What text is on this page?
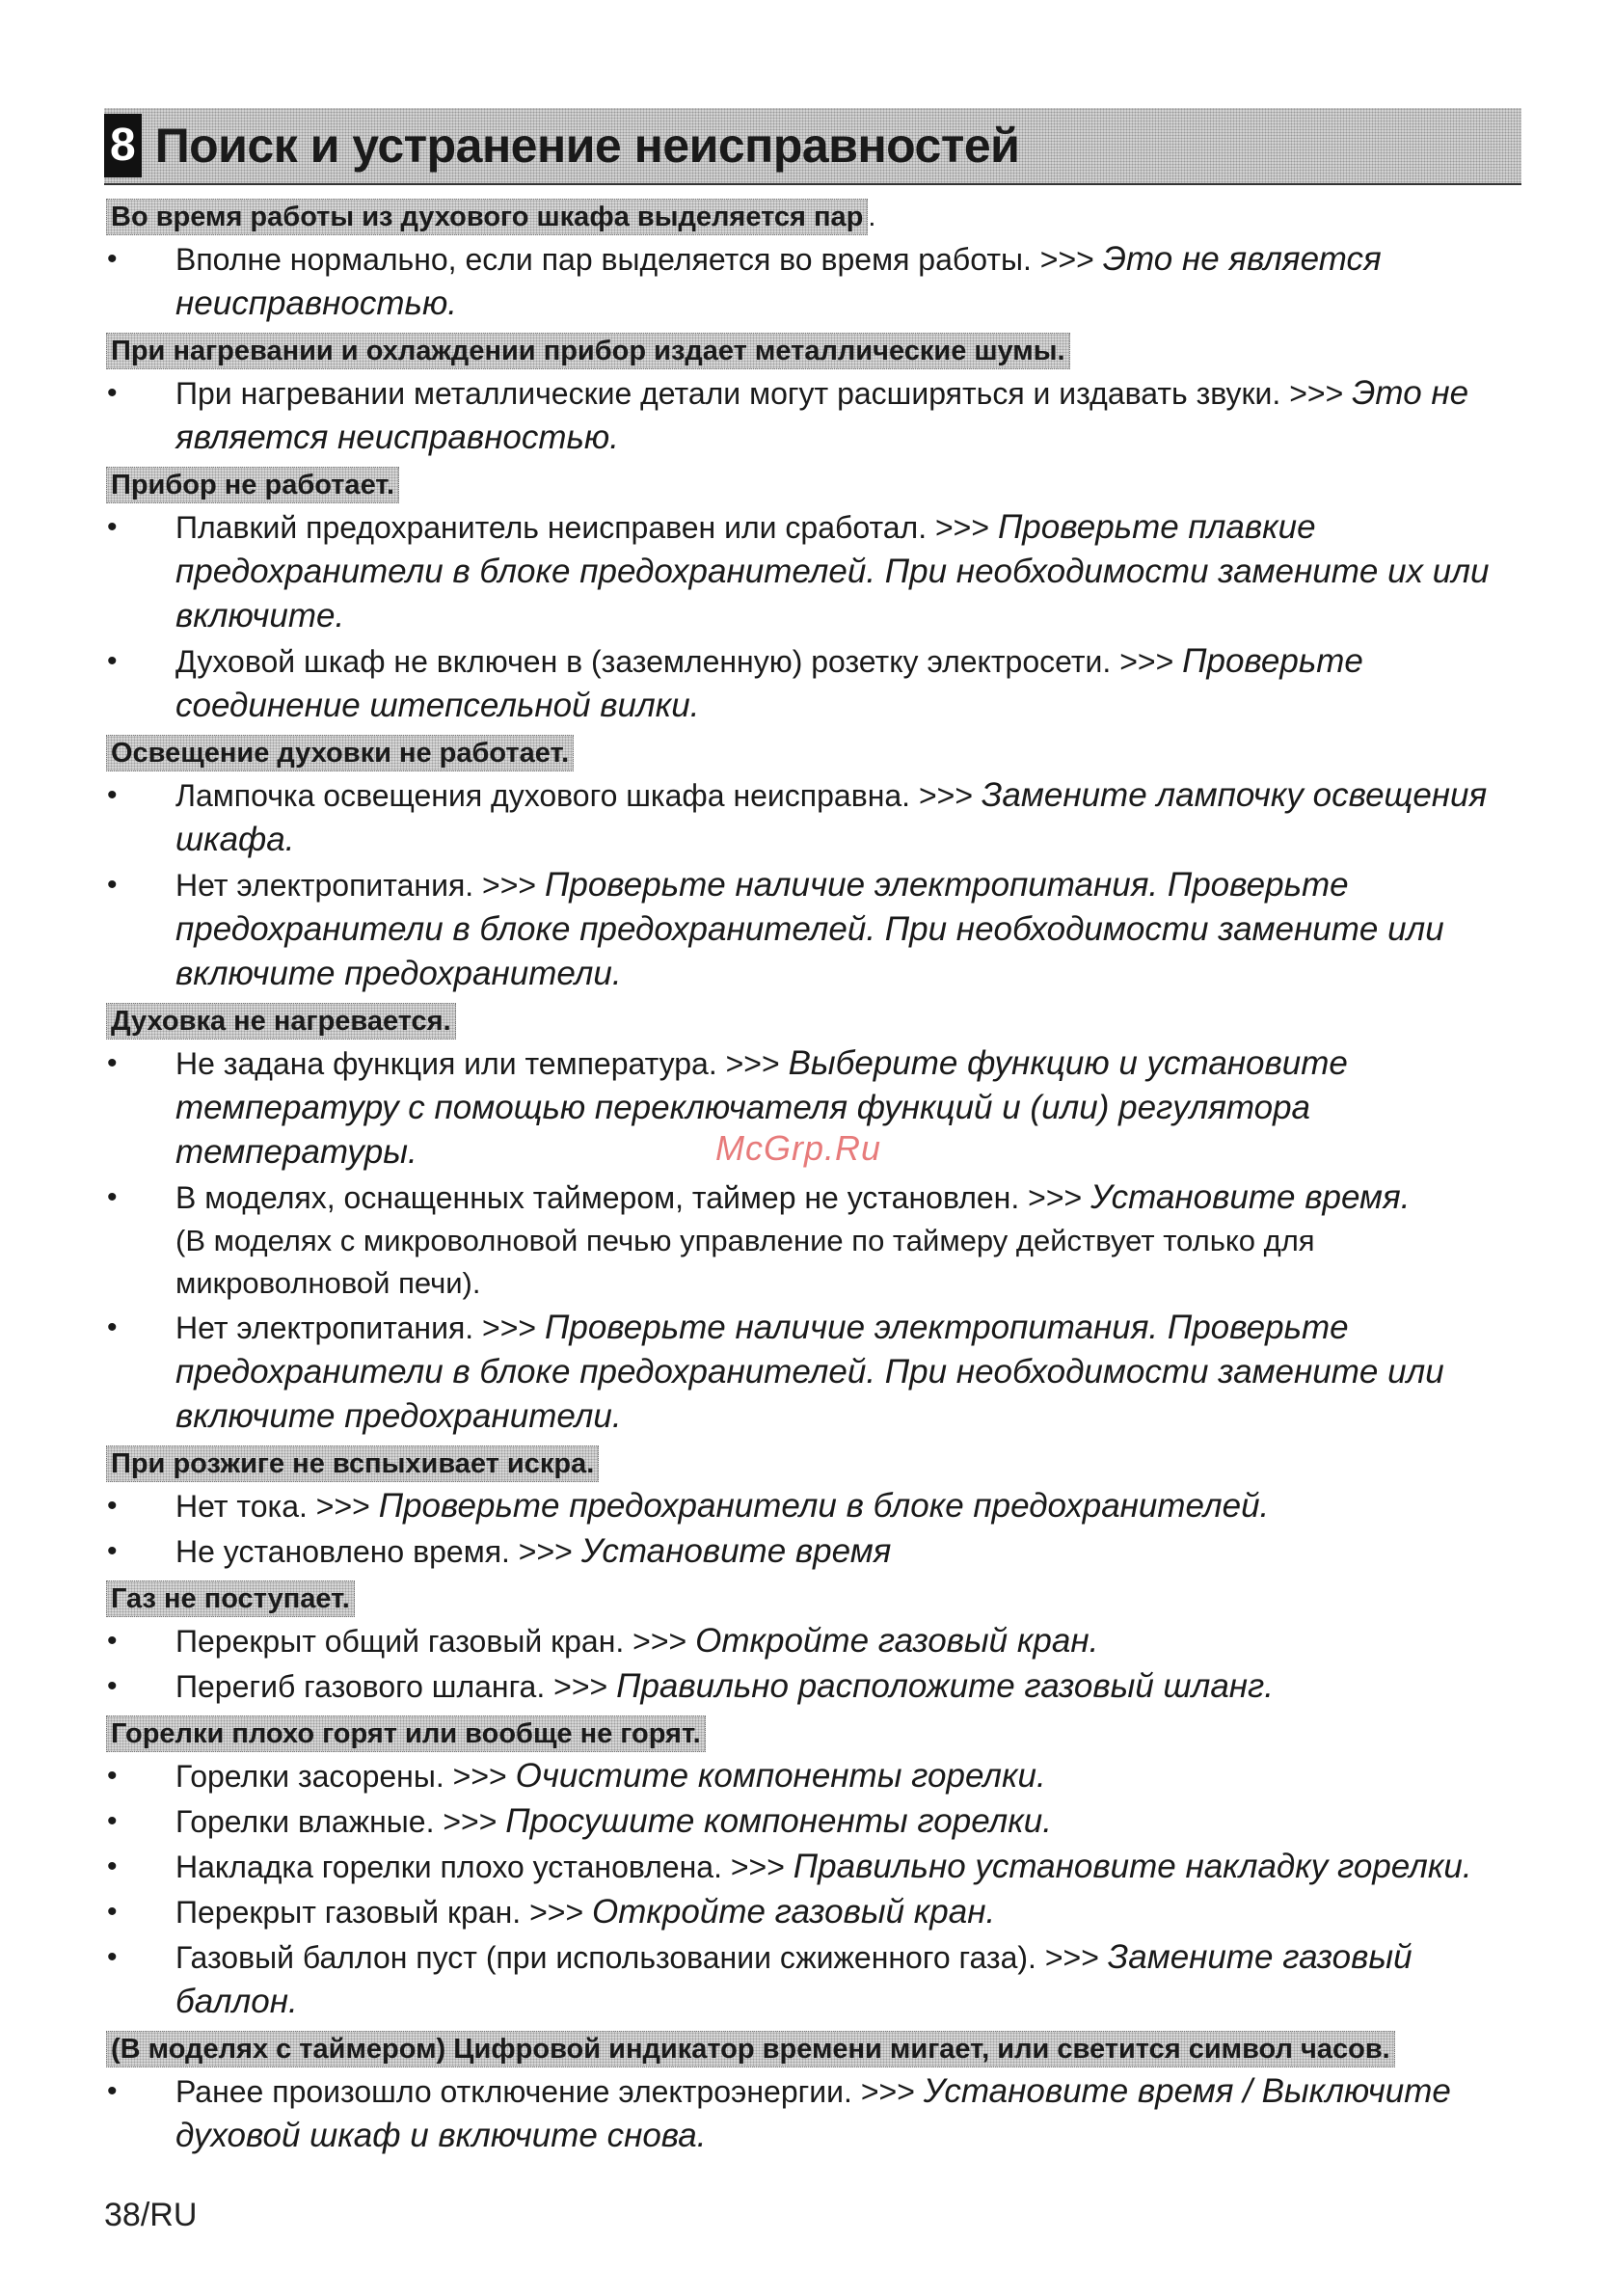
8 Поиск и устранение неисправностей
Во время работы из духового шкафа выделяется пар .
• Вполне нормально, если пар выделяется во время работы. >>> Это не является неисправностью.
При нагревании и охлаждении прибор издает металлические шумы.
• При нагревании металлические детали могут расширяться и издавать звуки. >>> Это не является неисправностью.
Прибор не работает.
• Плавкий предохранитель неисправен или сработал. >>> Проверьте плавкие предохранители в блоке предохранителей. При необходимости замените их или включите.
• Духовой шкаф не включен в (заземленную) розетку электросети. >>> Проверьте соединение штепсельной вилки.
Освещение духовки не работает.
• Лампочка освещения духового шкафа неисправна. >>> Замените лампочку освещения шкафа.
• Нет электропитания. >>> Проверьте наличие электропитания. Проверьте предохранители в блоке предохранителей. При необходимости замените или включите предохранители.
Духовка не нагревается.
• Не задана функция или температура. >>> Выберите функцию и установите температуру с помощью переключателя функций и (или) регулятора температуры.
• В моделях, оснащенных таймером, таймер не установлен. >>> Установите время.
(В моделях с микроволновой печью управление по таймеру действует только для микроволновой печи).
• Нет электропитания. >>> Проверьте наличие электропитания. Проверьте предохранители в блоке предохранителей. При необходимости замените или включите предохранители.
При розжиге не вспыхивает искра.
• Нет тока. >>> Проверьте предохранители в блоке предохранителей.
• Не установлено время. >>> Установите время
Газ не поступает.
• Перекрыт общий газовый кран. >>> Откройте газовый кран.
• Перегиб газового шланга. >>> Правильно расположите газовый шланг.
Горелки плохо горят или вообще не горят.
• Горелки засорены. >>> Очистите компоненты горелки.
• Горелки влажные. >>> Просушите компоненты горелки.
• Накладка горелки плохо установлена. >>> Правильно установите накладку горелки.
• Перекрыт газовый кран. >>> Откройте газовый кран.
• Газовый баллон пуст (при использовании сжиженного газа). >>> Замените газовый баллон.
(В моделях с таймером) Цифровой индикатор времени мигает, или светится символ часов.
• Ранее произошло отключение электроэнергии. >>> Установите время / Выключите духовой шкаф и включите снова.
McGrp.Ru
38/RU
